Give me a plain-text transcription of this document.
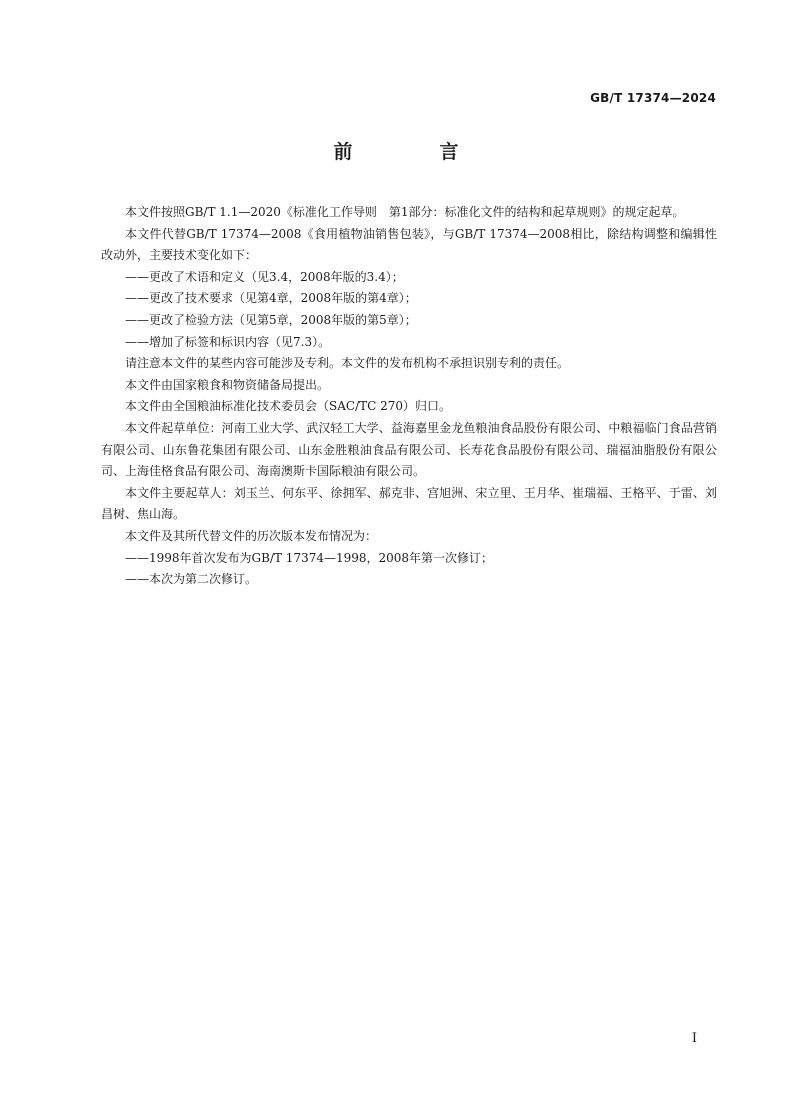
GB/T 17374—2024
前　言

本文件按照GB/T 1.1—2020《标准化工作导则　第1部分：标准化文件的结构和起草规则》的规定起草。

本文件代替GB/T 17374—2008《食用植物油销售包装》，与GB/T 17374—2008相比，除结构调整和编辑性改动外，主要技术变化如下：

——更改了术语和定义（见3.4，2008年版的3.4）；

——更改了技术要求（见第4章，2008年版的第4章）；

——更改了检验方法（见第5章，2008年版的第5章）；

——增加了标签和标识内容（见7.3）。

请注意本文件的某些内容可能涉及专利。本文件的发布机构不承担识别专利的责任。

本文件由国家粮食和物资储备局提出。

本文件由全国粮油标准化技术委员会（SAC/TC 270）归口。

本文件起草单位：河南工业大学、武汉轻工大学、益海嘉里金龙鱼粮油食品股份有限公司、中粮福临门食品营销有限公司、山东鲁花集团有限公司、山东金胜粮油食品有限公司、长寿花食品股份有限公司、瑞福油脂股份有限公司、上海佳格食品有限公司、海南澳斯卡国际粮油有限公司。

本文件主要起草人：刘玉兰、何东平、徐拥军、郝克非、宫旭洲、宋立里、王月华、崔瑞福、王格平、于雷、刘昌树、焦山海。

本文件及其所代替文件的历次版本发布情况为：

——1998年首次发布为GB/T 17374—1998，2008年第一次修订；

——本次为第二次修订。

I
